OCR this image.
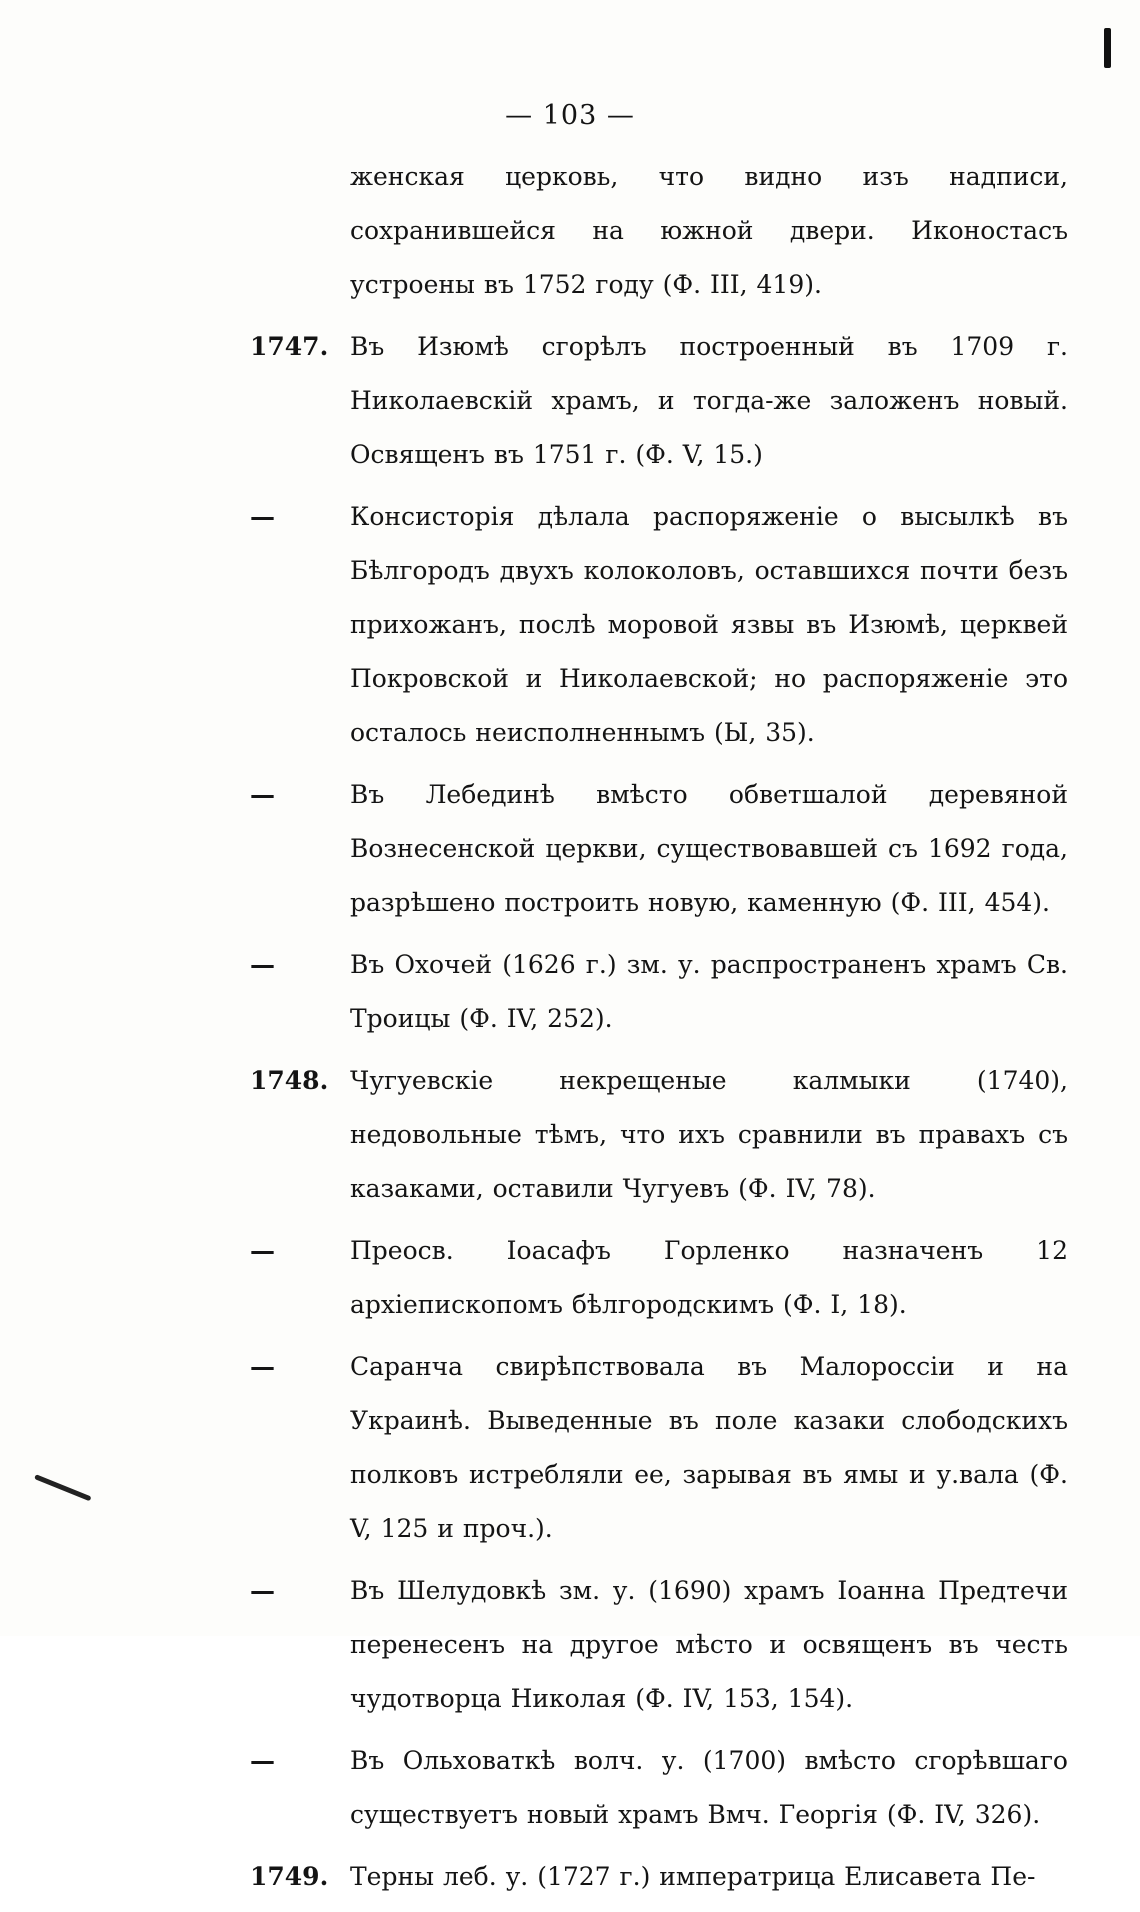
— 103 —
женская церковь, что видно изъ надписи, сохранившейся на южной двери. Иконостасъ устроены въ 1752 году (Ф. III, 419).
1747. Въ Изюмѣ сгорѣлъ построенный въ 1709 г. Николаевскій храмъ, и тогда-же заложенъ новый. Освященъ въ 1751 г. (Ф. V, 15.)
—	Консисторія дѣлала распоряженіе о высылкѣ въ Бѣлгородъ двухъ колоколовъ, оставшихся почти безъ прихожанъ, послѣ моровой язвы въ Изюмѣ, церквей Покровской и Николаевской; но распоряженіе это осталось неисполненнымъ (Ы, 35).
—	Въ Лебединѣ вмѣсто обветшалой деревяной Вознесенской церкви, существовавшей съ 1692 года, разрѣшено построить новую, каменную (Ф. III, 454).
—	Въ Охочей (1626 г.) зм. у. распространенъ храмъ Св. Троицы (Ф. IV, 252).
1748. Чугуевскіе некрещеные калмыки (1740), недовольные тѣмъ, что ихъ сравнили въ правахъ съ казаками, оставили Чугуевъ (Ф. IV, 78).
—	Преосв. Іоасафъ Горленко назначенъ 12 архіепископомъ бѣлгородскимъ (Ф. I, 18).
—	Саранча свирѣпствовала въ Малороссіи и на Украинѣ. Выведенные въ поле казаки слободскихъ полковъ истребляли ее, зарывая въ ямы и у.вала (Ф. V, 125 и проч.).
—	Въ Шелудовкѣ зм. у. (1690) храмъ Іоанна Предтечи перенесенъ на другое мѣсто и освященъ въ честь чудотворца Николая (Ф. IV, 153, 154).
—	Въ Ольховаткѣ волч. у. (1700) вмѣсто сгорѣвшаго существуетъ новый храмъ Вмч. Георгія (Ф. IV, 326).
1749. Терны леб. у. (1727 г.) императрица Елисавета Пе-
